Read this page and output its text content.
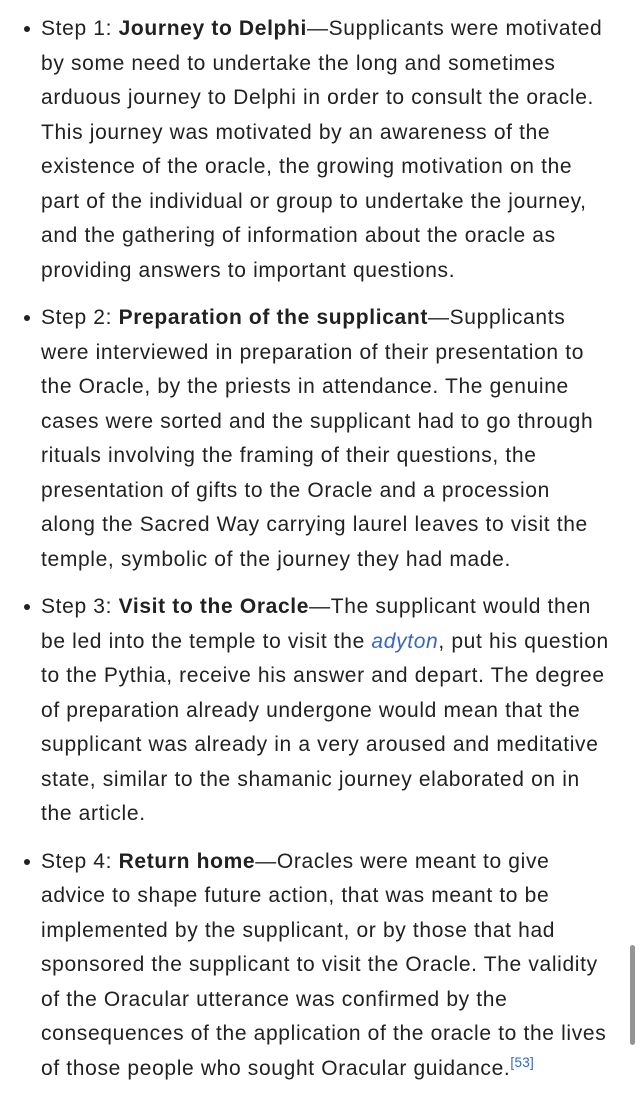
Step 1: Journey to Delphi—Supplicants were motivated by some need to undertake the long and sometimes arduous journey to Delphi in order to consult the oracle. This journey was motivated by an awareness of the existence of the oracle, the growing motivation on the part of the individual or group to undertake the journey, and the gathering of information about the oracle as providing answers to important questions.
Step 2: Preparation of the supplicant—Supplicants were interviewed in preparation of their presentation to the Oracle, by the priests in attendance. The genuine cases were sorted and the supplicant had to go through rituals involving the framing of their questions, the presentation of gifts to the Oracle and a procession along the Sacred Way carrying laurel leaves to visit the temple, symbolic of the journey they had made.
Step 3: Visit to the Oracle—The supplicant would then be led into the temple to visit the adyton, put his question to the Pythia, receive his answer and depart. The degree of preparation already undergone would mean that the supplicant was already in a very aroused and meditative state, similar to the shamanic journey elaborated on in the article.
Step 4: Return home—Oracles were meant to give advice to shape future action, that was meant to be implemented by the supplicant, or by those that had sponsored the supplicant to visit the Oracle. The validity of the Oracular utterance was confirmed by the consequences of the application of the oracle to the lives of those people who sought Oracular guidance.[53]
